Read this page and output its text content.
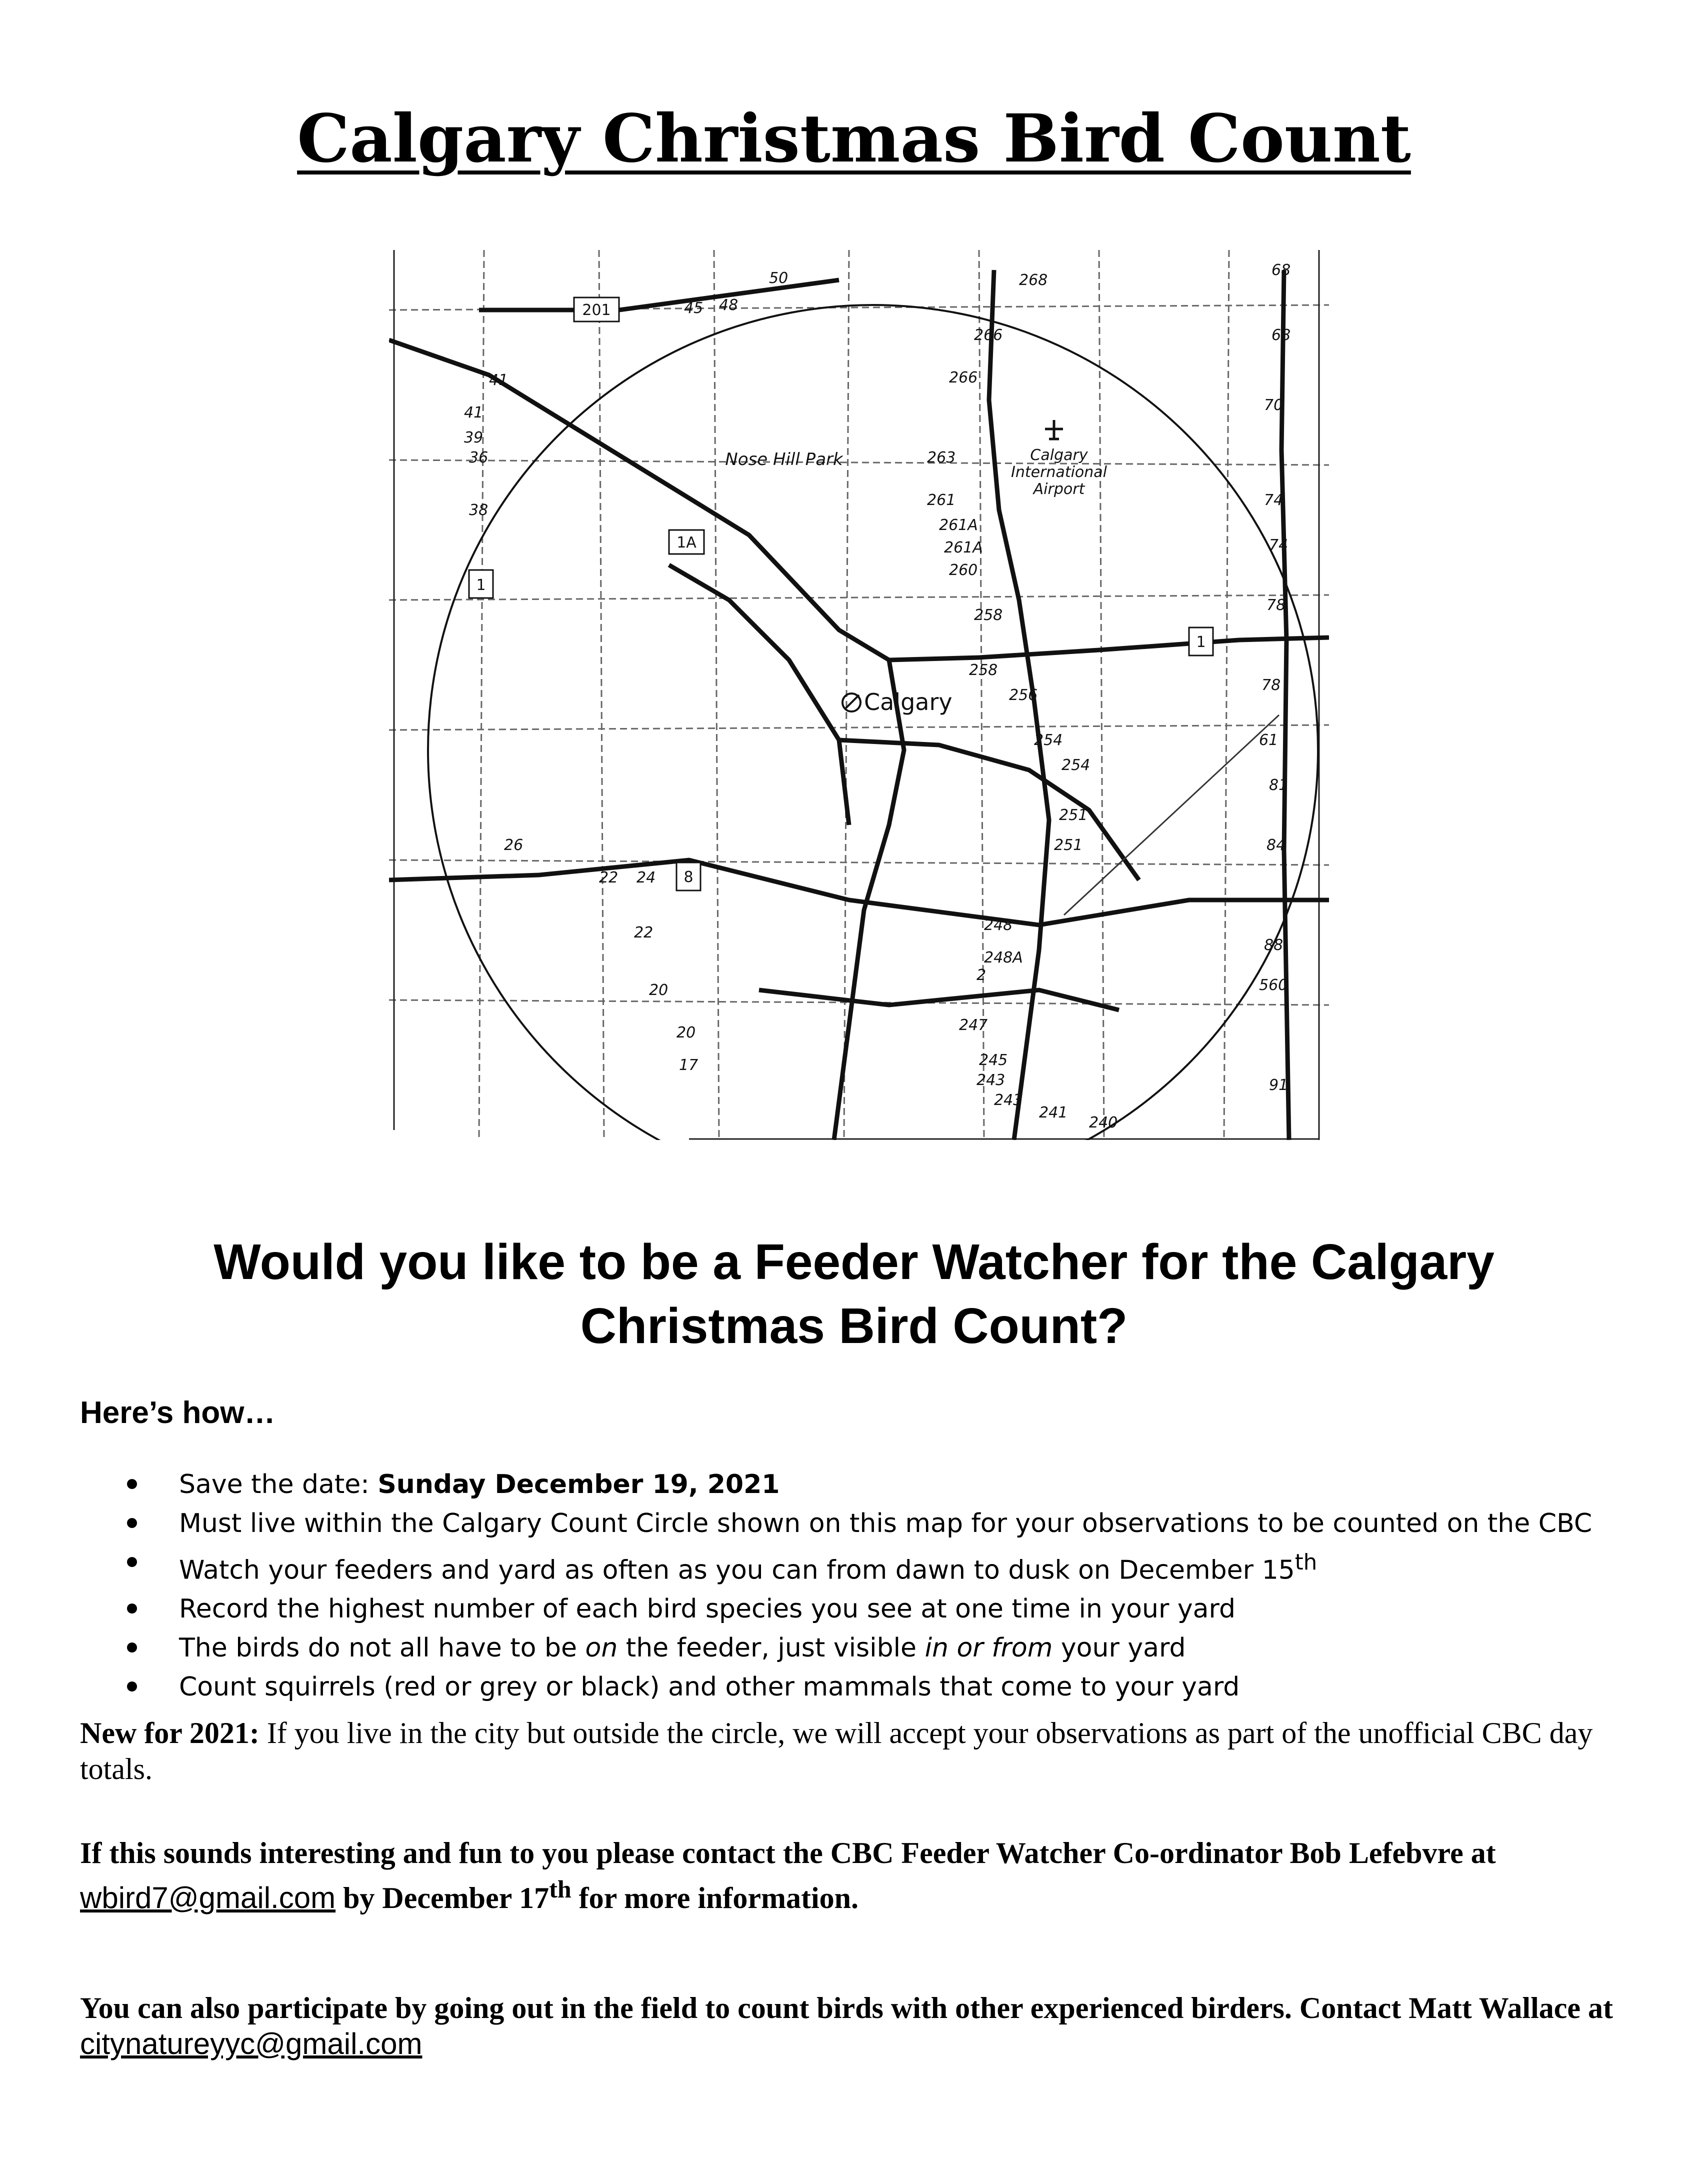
Calgary Christmas Bird Count
201
1A
1
8
1
Nose Hill Park	Calgary
International
Airport
Calgary
50
48
45
41
41
39
36
38
268
266
266
263
261
261A
261A
260
258
258
256
254
254
251
251
248
248A
247
245
243
243
241
240
68
68
70
74
74
78
78
61
81
84
88
560
91
26
22 24
22
20
20
17
2
Would you like to be a Feeder Watcher for the Calgary Christmas Bird Count?
Here’s how…
Save the date: Sunday December 19, 2021
Must live within the Calgary Count Circle shown on this map for your observations to be counted on the CBC
Watch your feeders and yard as often as you can from dawn to dusk on December 15th
Record the highest number of each bird species you see at one time in your yard
The birds do not all have to be on the feeder, just visible in or from your yard
Count squirrels (red or grey or black) and other mammals that come to your yard
New for 2021: If you live in the city but outside the circle, we will accept your observations as part of the unofficial CBC day totals.
If this sounds interesting and fun to you please contact the CBC Feeder Watcher Co-ordinator Bob Lefebvre at wbird7@gmail.com by December 17th for more information.
You can also participate by going out in the field to count birds with other experienced birders. Contact Matt Wallace at citynatureyyc@gmail.com
